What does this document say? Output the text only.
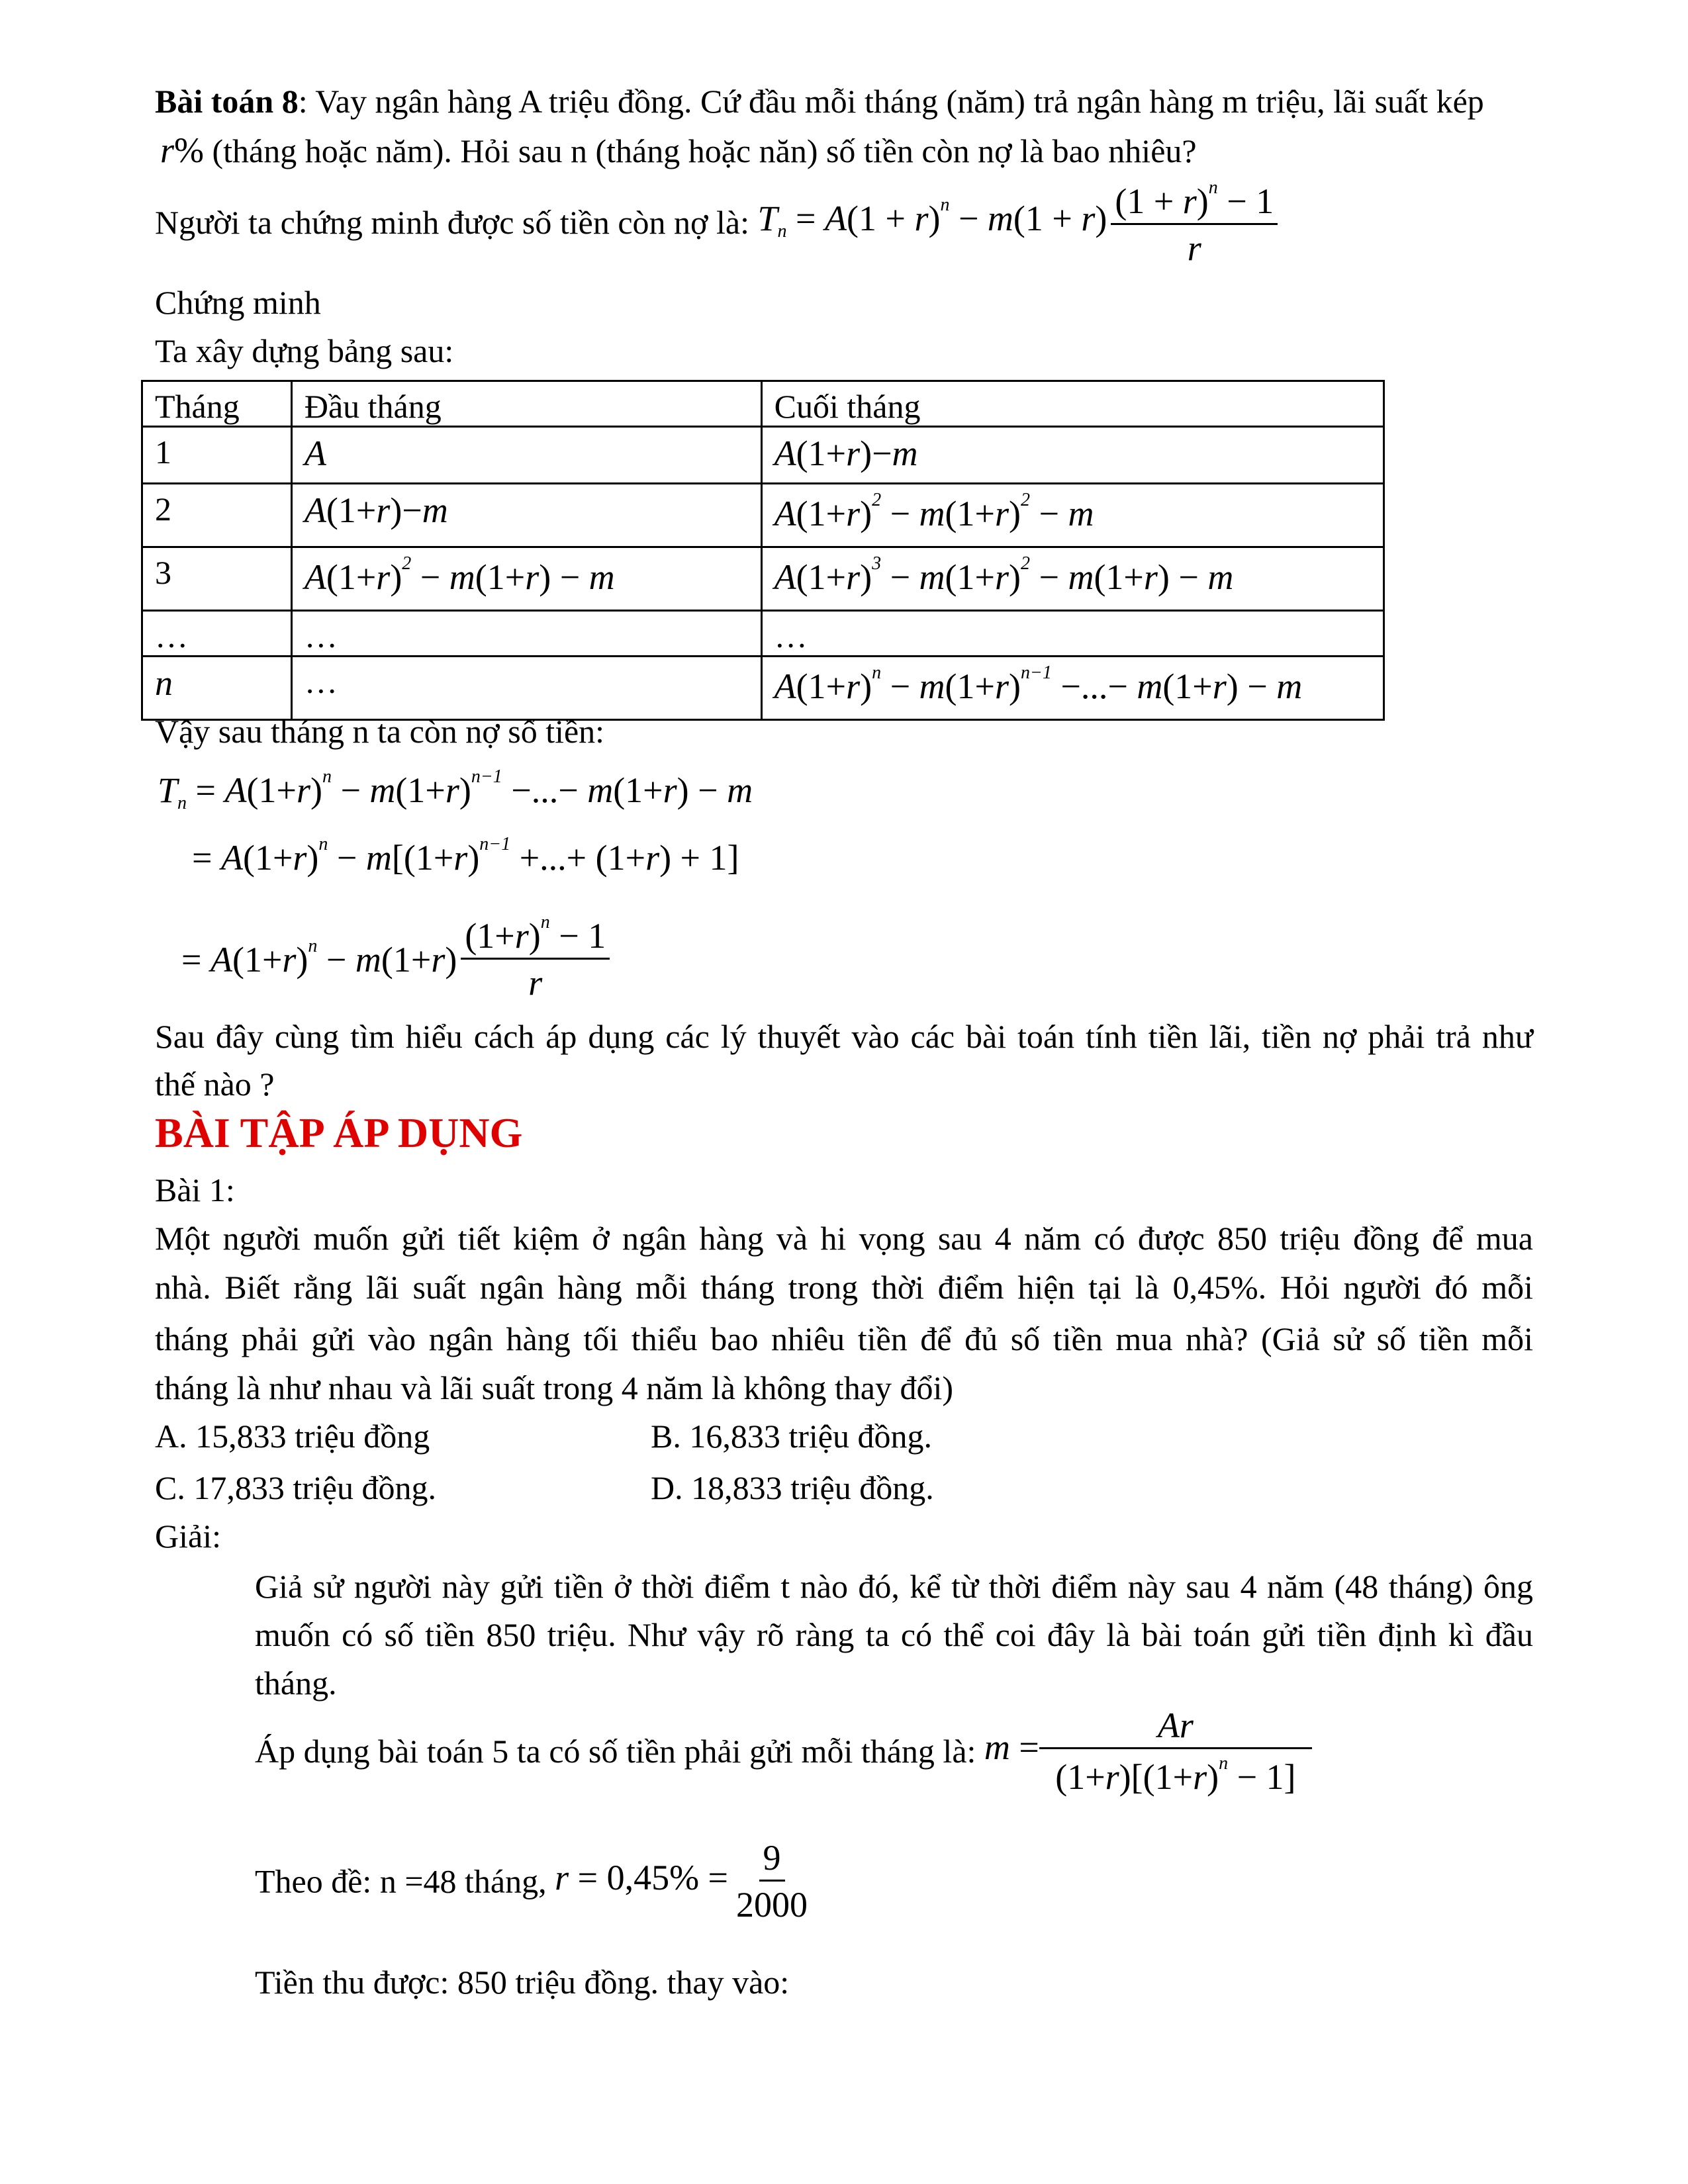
Bài toán 8: Vay ngân hàng A triệu đồng. Cứ đầu mỗi tháng (năm) trả ngân hàng m triệu, lãi suất kép
r% (tháng hoặc năm). Hỏi sau n (tháng hoặc năn) số tiền còn nợ là bao nhiêu?
Người ta chứng minh được số tiền còn nợ là: $T_n = A(1 + r)^n - m(1 + r) \frac{(1 + r)^n - 1}{r}$
Chứng minh
Ta xây dựng bảng sau:
Tháng	Đầu tháng	Cuối tháng
1	A	A(1+r)−m
2	A(1+r)−m	$A(1+r)^2 - m(1+r)^2 - m$
3	$A(1+r)^2 - m(1+r) - m$	$A(1+r)^3 - m(1+r)^2 - m(1+r) - m$
…	…	…
n	…	$A(1+r)^n - m(1+r)^{n-1}$ −...− m(1+r) − m
Vậy sau tháng n ta còn nợ số tiền:
$T_n = A(1+r)^n - m(1+r)^{n-1}$ −...− m(1+r) − m
= $A(1+r)^n - m[(1+r)^{n-1}$ +...+ (1+r) + 1]
= $A(1+r)^n - m(1+r) \frac{(1+r)^n - 1}{r}$
Sau đây cùng tìm hiểu cách áp dụng các lý thuyết vào các bài toán tính tiền lãi, tiền nợ phải trả như
thế nào ?
BÀI TẬP ÁP DỤNG
Bài 1:
Một người muốn gửi tiết kiệm ở ngân hàng và hi vọng sau 4 năm có được 850 triệu đồng để mua
nhà. Biết rằng lãi suất ngân hàng mỗi tháng trong thời điểm hiện tại là 0,45%. Hỏi người đó mỗi
tháng phải gửi vào ngân hàng tối thiểu bao nhiêu tiền để đủ số tiền mua nhà? (Giả sử số tiền mỗi
tháng là như nhau và lãi suất trong 4 năm là không thay đổi)
A. 15,833 triệu đồng	B. 16,833 triệu đồng.
C. 17,833 triệu đồng.	D. 18,833 triệu đồng.
Giải:
Giả sử người này gửi tiền ở thời điểm t nào đó, kể từ thời điểm này sau 4 năm (48 tháng) ông
muốn có số tiền 850 triệu. Như vậy rõ ràng ta có thể coi đây là bài toán gửi tiền định kì đầu
tháng.
Áp dụng bài toán 5 ta có số tiền phải gửi mỗi tháng là: $m = \frac{Ar}{(1+r)[(1+r)^n - 1]}$
Theo đề: n =48 tháng, $r = 0,45\% = \frac{9}{2000}$
Tiền thu được: 850 triệu đồng. thay vào:
